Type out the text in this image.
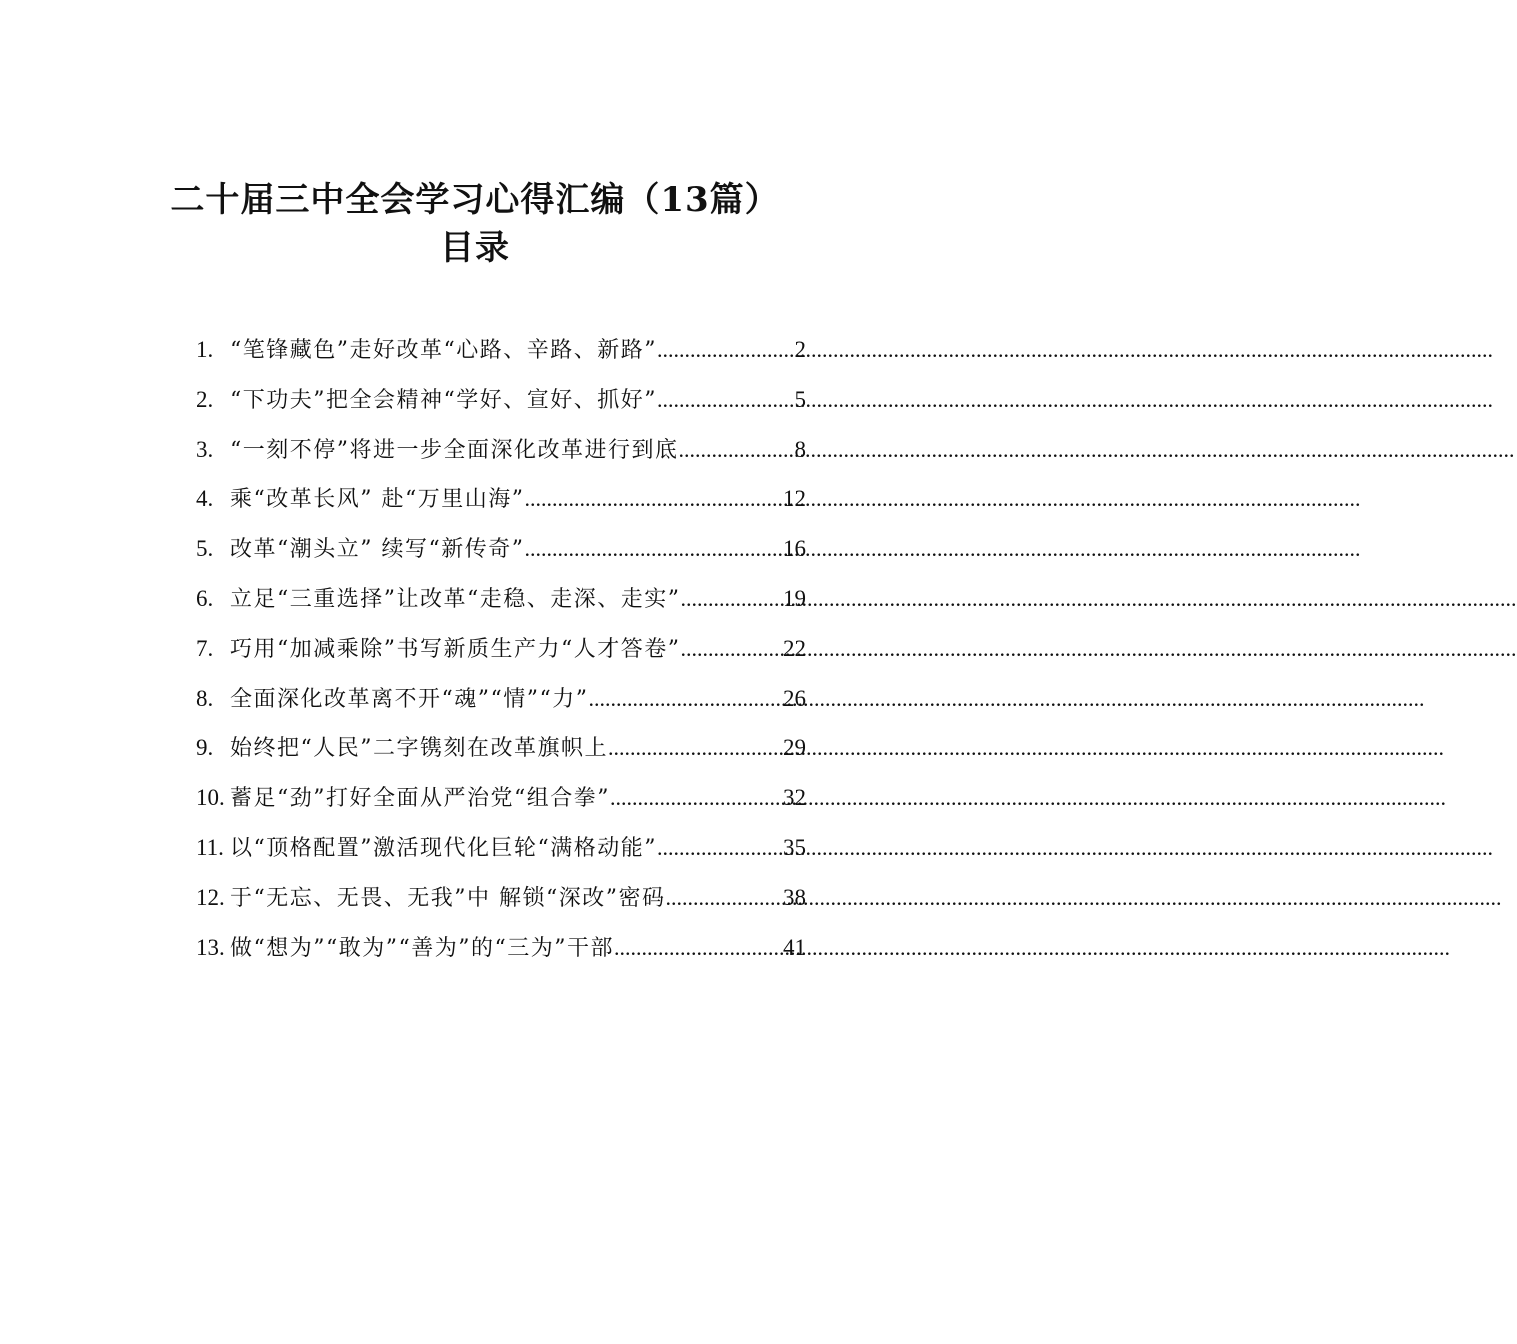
二十届三中全会学习心得汇编（13篇）
目录
1. “笔锋藏色”走好改革“心路、辛路、新路” .....	2
2. “下功夫”把全会精神“学好、宣好、抓好” .....	5
3. “一刻不停”将进一步全面深化改革进行到底 .....	8
4. 乘“改革长风” 赴“万里山海” .....	12
5. 改革“潮头立” 续写“新传奇” .....	16
6. 立足“三重选择”让改革“走稳、走深、走实” .....	19
7. 巧用“加减乘除”书写新质生产力“人才答卷” .....	22
8. 全面深化改革离不开“魂”“情”“力” .....	26
9. 始终把“人民”二字镌刻在改革旗帜上 .....	29
10. 蓄足“劲”打好全面从严治党“组合拳” .....	32
11. 以“顶格配置”激活现代化巨轮“满格动能” .....	35
12. 于“无忘、无畏、无我”中 解锁“深改”密码 .....	38
13. 做“想为”“敢为”“善为”的“三为”干部 .....	41
